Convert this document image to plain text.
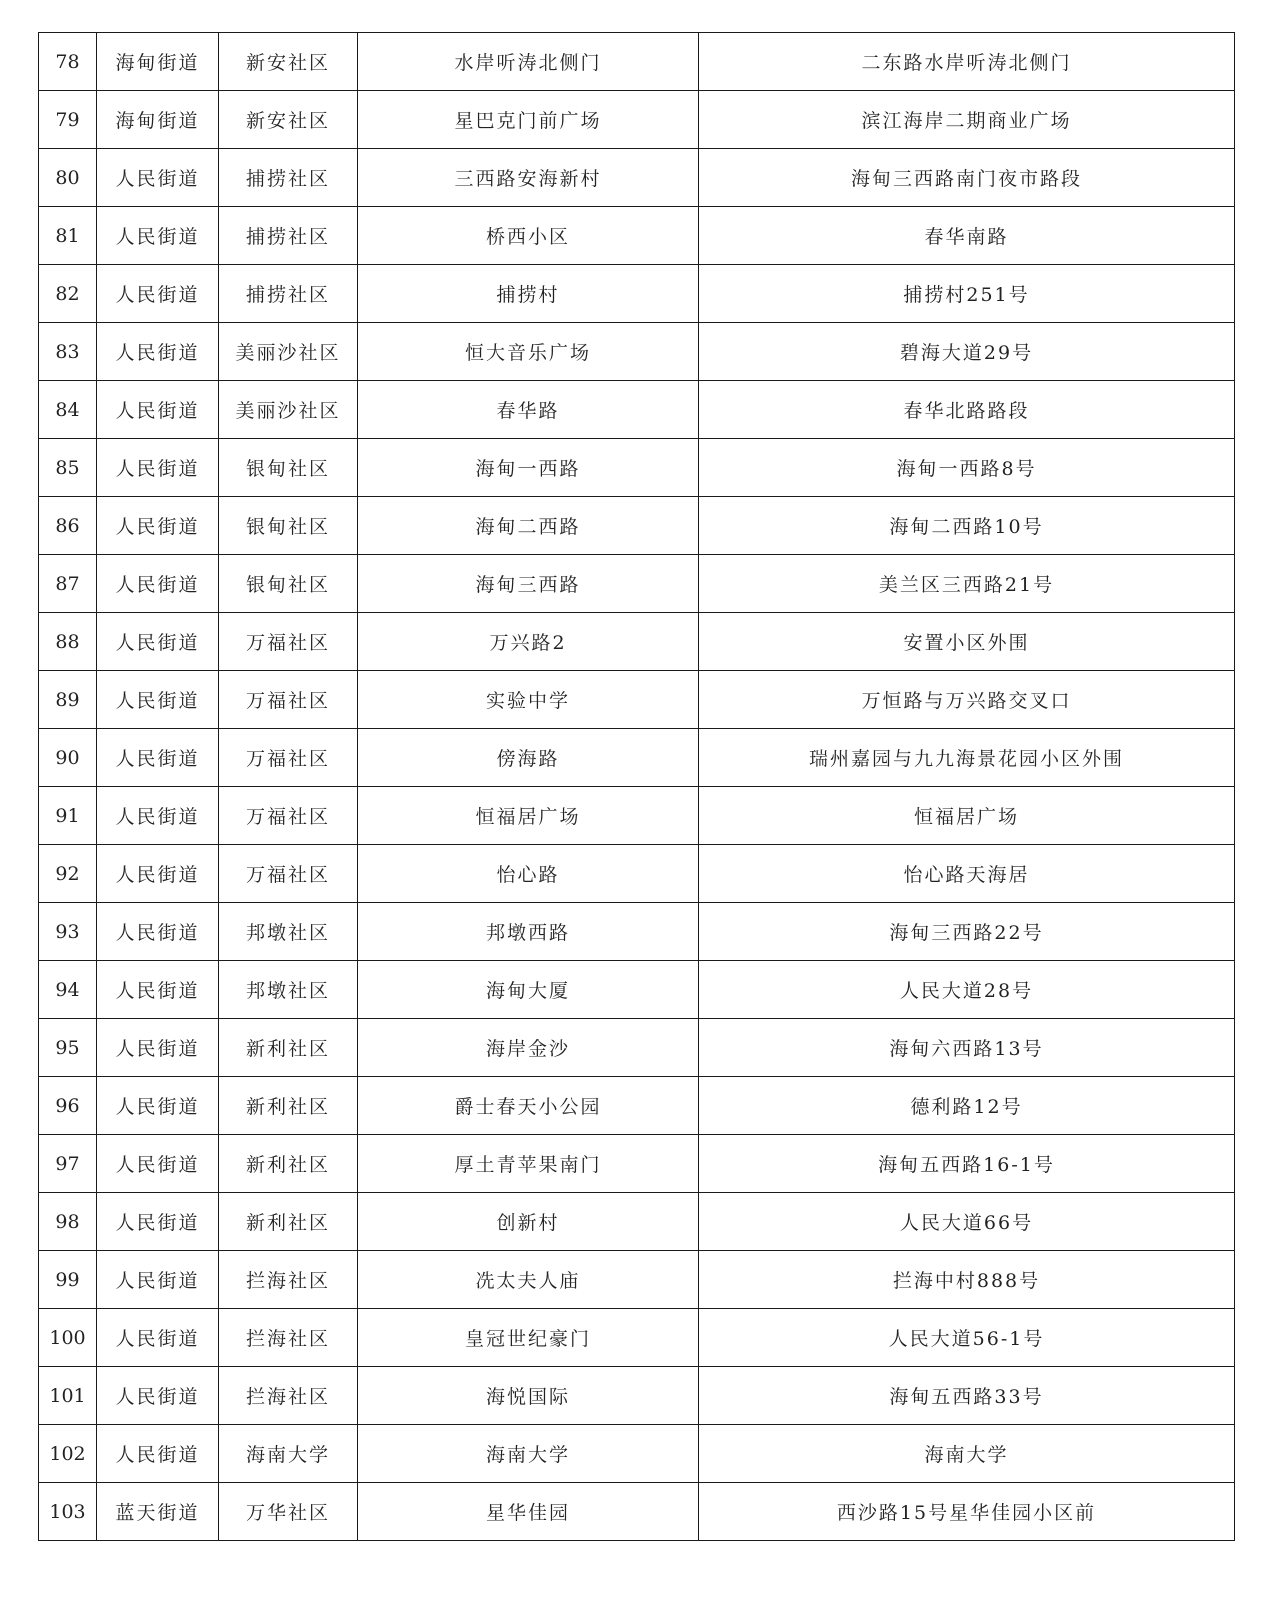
78	海甸街道	新安社区	水岸听涛北侧门	二东路水岸听涛北侧门
79	海甸街道	新安社区	星巴克门前广场	滨江海岸二期商业广场
80	人民街道	捕捞社区	三西路安海新村	海甸三西路南门夜市路段
81	人民街道	捕捞社区	桥西小区	春华南路
82	人民街道	捕捞社区	捕捞村	捕捞村251号
83	人民街道	美丽沙社区	恒大音乐广场	碧海大道29号
84	人民街道	美丽沙社区	春华路	春华北路路段
85	人民街道	银甸社区	海甸一西路	海甸一西路8号
86	人民街道	银甸社区	海甸二西路	海甸二西路10号
87	人民街道	银甸社区	海甸三西路	美兰区三西路21号
88	人民街道	万福社区	万兴路2	安置小区外围
89	人民街道	万福社区	实验中学	万恒路与万兴路交叉口
90	人民街道	万福社区	傍海路	瑞州嘉园与九九海景花园小区外围
91	人民街道	万福社区	恒福居广场	恒福居广场
92	人民街道	万福社区	怡心路	怡心路天海居
93	人民街道	邦墩社区	邦墩西路	海甸三西路22号
94	人民街道	邦墩社区	海甸大厦	人民大道28号
95	人民街道	新利社区	海岸金沙	海甸六西路13号
96	人民街道	新利社区	爵士春天小公园	德利路12号
97	人民街道	新利社区	厚土青苹果南门	海甸五西路16-1号
98	人民街道	新利社区	创新村	人民大道66号
99	人民街道	拦海社区	冼太夫人庙	拦海中村888号
100	人民街道	拦海社区	皇冠世纪豪门	人民大道56-1号
101	人民街道	拦海社区	海悦国际	海甸五西路33号
102	人民街道	海南大学	海南大学	海南大学
103	蓝天街道	万华社区	星华佳园	西沙路15号星华佳园小区前
